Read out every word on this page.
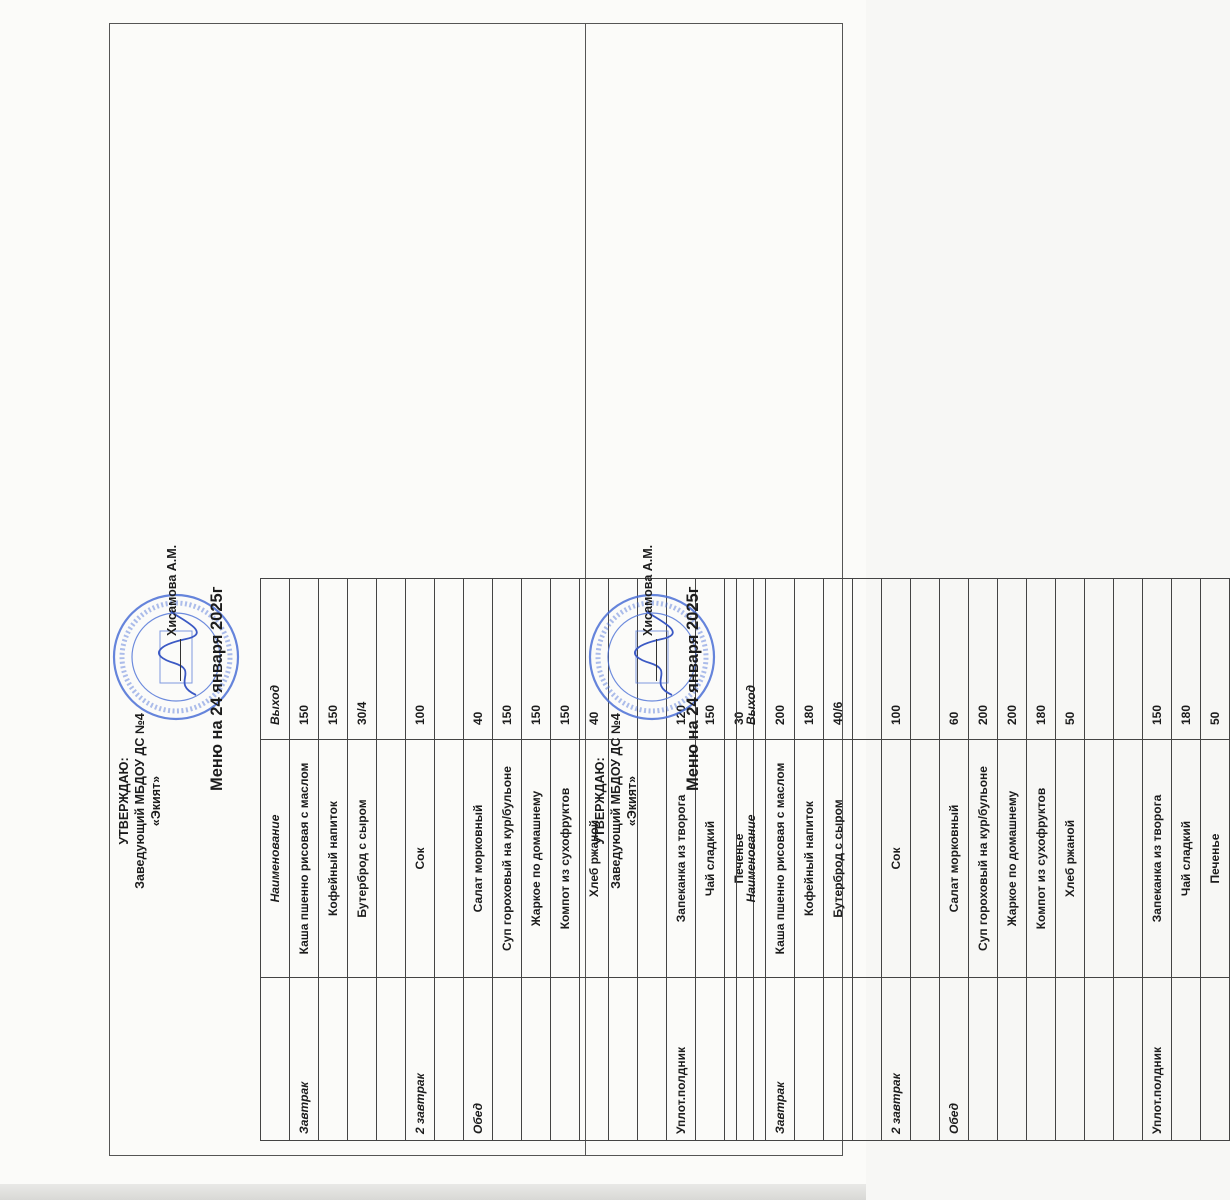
УТВЕРЖДАЮ: Заведующий МБДОУ ДС №4 «Экият»
Хисамова А.М. Меню на 24 января 2025г
	Наименование	Выход
Завтрак	Каша пшенно рисовая с маслом	150
	Кофейный напиток	150
	Бутерброд с сыром	30/4

2 завтрак	Сок	100

Обед	Салат морковный	40
	Суп гороховый на кур/бульоне	150
	Жаркое по домашнему	150
	Компот из сухофруктов	150
	Хлеб ржаной	40

Уплот.полдник	Запеканка из творога	120
	Чай сладкий	150
	Печенье	30
УТВЕРЖДАЮ: Заведующий МБДОУ ДС №4 «Экият»
Хисамова А.М. Меню на 24 января 2025г
	Наименование	Выход
Завтрак	Каша пшенно рисовая с маслом	200
	Кофейный напиток	180
	Бутерброд с сыром	40/6

2 завтрак	Сок	100

Обед	Салат морковный	60
	Суп гороховый на кур/бульоне	200
	Жаркое по домашнему	200
	Компот из сухофруктов	180
	Хлеб ржаной	50

Уплот.полдник	Запеканка из творога	150
	Чай сладкий	180
	Печенье	50
